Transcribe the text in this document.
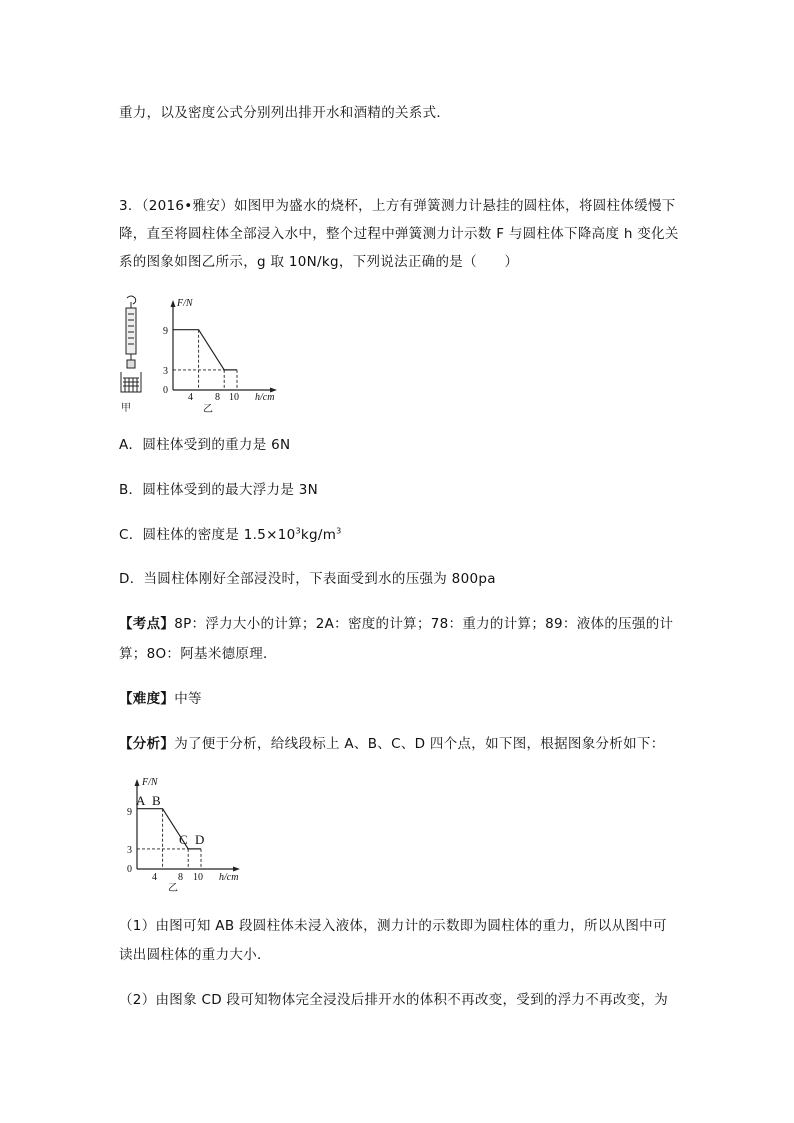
重力，以及密度公式分别列出排开水和酒精的关系式．
3．（2016•雅安）如图甲为盛水的烧杯，上方有弹簧测力计悬挂的圆柱体，将圆柱体缓慢下
降，直至将圆柱体全部浸入水中，整个过程中弹簧测力计示数 F 与圆柱体下降高度 h 变化关
系的图象如图乙所示，g 取 10N/kg，下列说法正确的是（　　）
甲
F/N
h/cm
9
3
0
4 8 10
乙
A．圆柱体受到的重力是 6N
B．圆柱体受到的最大浮力是 3N
C．圆柱体的密度是 $1.5\times 10^3kg/m^3$
D．当圆柱体刚好全部浸没时，下表面受到水的压强为 800pa
【考点】8P：浮力大小的计算；2A：密度的计算；78：重力的计算；89：液体的压强的计
算；8O：阿基米德原理．
【难度】中等
【分析】为了便于分析，给线段标上 A、B、C、D 四个点，如下图，根据图象分析如下：
F/N
h/cm
9
3
0
4 8 10
乙
A B
C D
（1）由图可知 AB 段圆柱体未浸入液体，测力计的示数即为圆柱体的重力，所以从图中可
读出圆柱体的重力大小．
（2）由图象 CD 段可知物体完全浸没后排开水的体积不再改变，受到的浮力不再改变，为
